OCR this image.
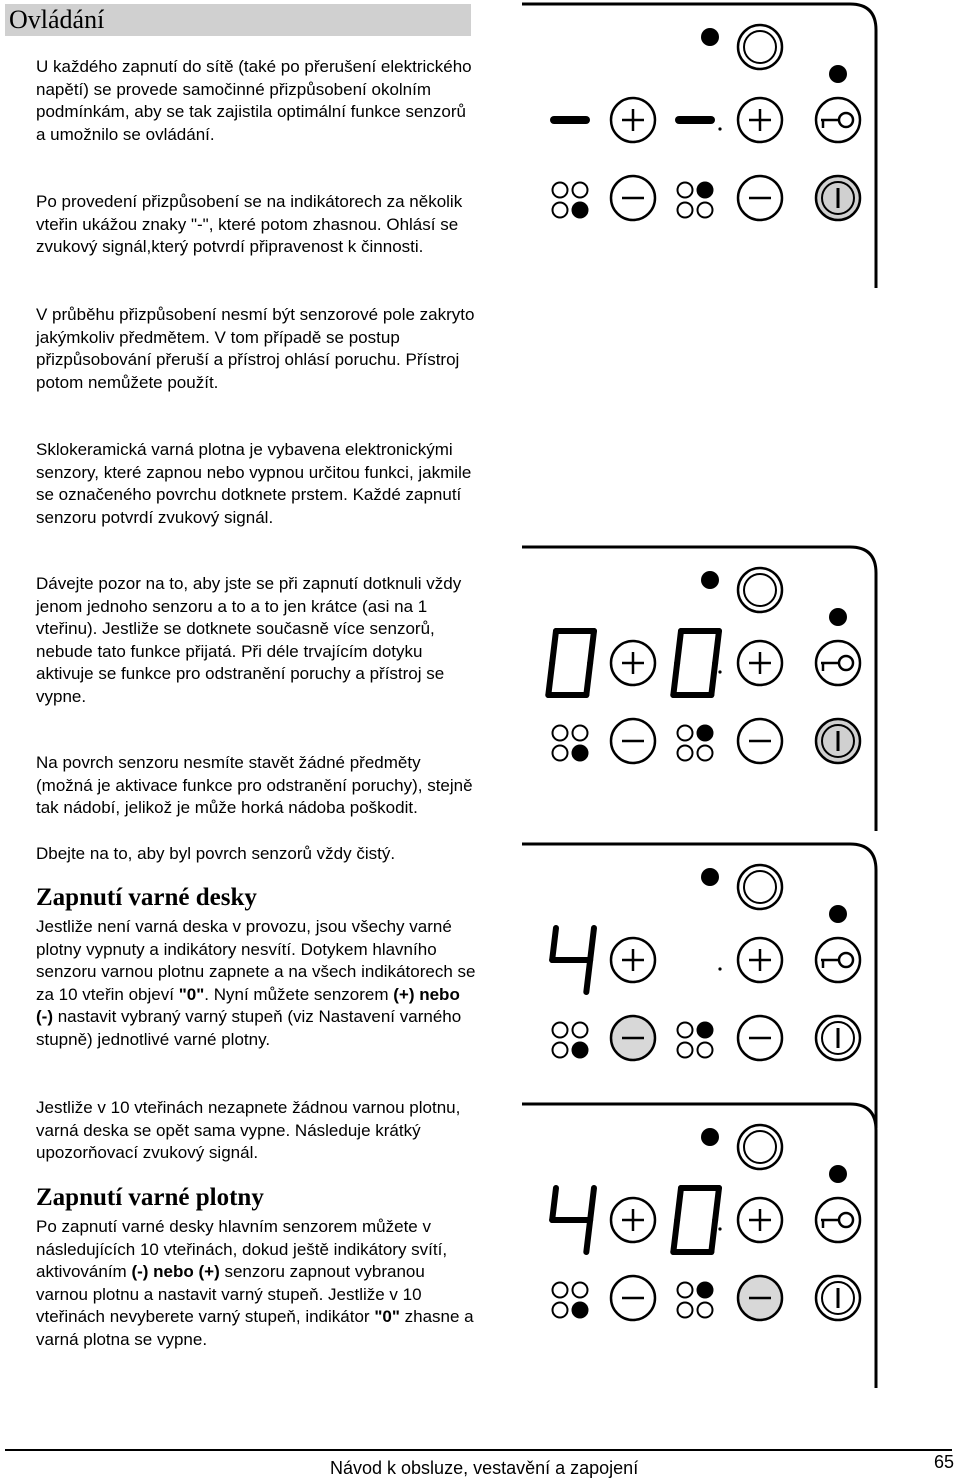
Ovládání

U každého zapnutí do sítě (také po přerušení elektrického napětí) se provede samočinné přizpůsobení okolním podmínkám, aby se tak zajistila optimální funkce senzorů a umožnilo se ovládání.

Po provedení přizpůsobení se na indikátorech za několik vteřin ukážou znaky "-", které potom zhasnou. Ohlásí se zvukový signál,který potvrdí připravenost k činnosti.

V průběhu přizpůsobení nesmí být senzorové pole zakryto jakýmkoliv předmětem. V tom případě se postup přizpůsobování přeruší a přístroj ohlásí poruchu. Přístroj potom nemůžete použít.

Sklokeramická varná plotna je vybavena elektronickými senzory, které zapnou nebo vypnou určitou funkci, jakmile se označeného povrchu dotknete prstem. Každé zapnutí senzoru potvrdí zvukový signál.

Dávejte pozor na to, aby jste se při zapnutí dotknuli vždy jenom jednoho senzoru a to a to jen krátce (asi na 1 vteřinu). Jestliže se dotknete současně více senzorů, nebude tato funkce přijatá. Při déle trvajícím dotyku aktivuje se funkce pro odstranění poruchy a přístroj se vypne.

Na povrch senzoru nesmíte stavět žádné předměty (možná je aktivace funkce pro odstranění poruchy), stejně tak nádobí, jelikož je může horká nádoba poškodit.

Dbejte na to, aby byl povrch senzorů vždy čistý.

Zapnutí varné desky

Jestliže není varná deska v provozu, jsou všechy varné plotny vypnuty a indikátory nesvítí. Dotykem hlavního senzoru varnou plotnu zapnete a na všech indikátorech se za 10 vteřin objeví "0". Nyní můžete senzorem (+) nebo (-) nastavit vybraný varný stupeň (viz Nastavení varného stupně) jednotlivé varné plotny.

Jestliže v 10 vteřinách nezapnete žádnou varnou plotnu, varná deska se opět sama vypne. Následuje krátký upozorňovací zvukový signál.

Zapnutí varné plotny

Po zapnutí varné desky hlavním senzorem můžete v následujících 10 vteřinách, dokud ještě indikátory svítí, aktivováním (-) nebo (+) senzoru zapnout vybranou varnou plotnu a nastavit varný stupeň. Jestliže v 10 vteřinách nevyberete varný stupeň, indikátor "0" zhasne a varná plotna se vypne.

Návod k obsluze, vestavění a zapojení	65
